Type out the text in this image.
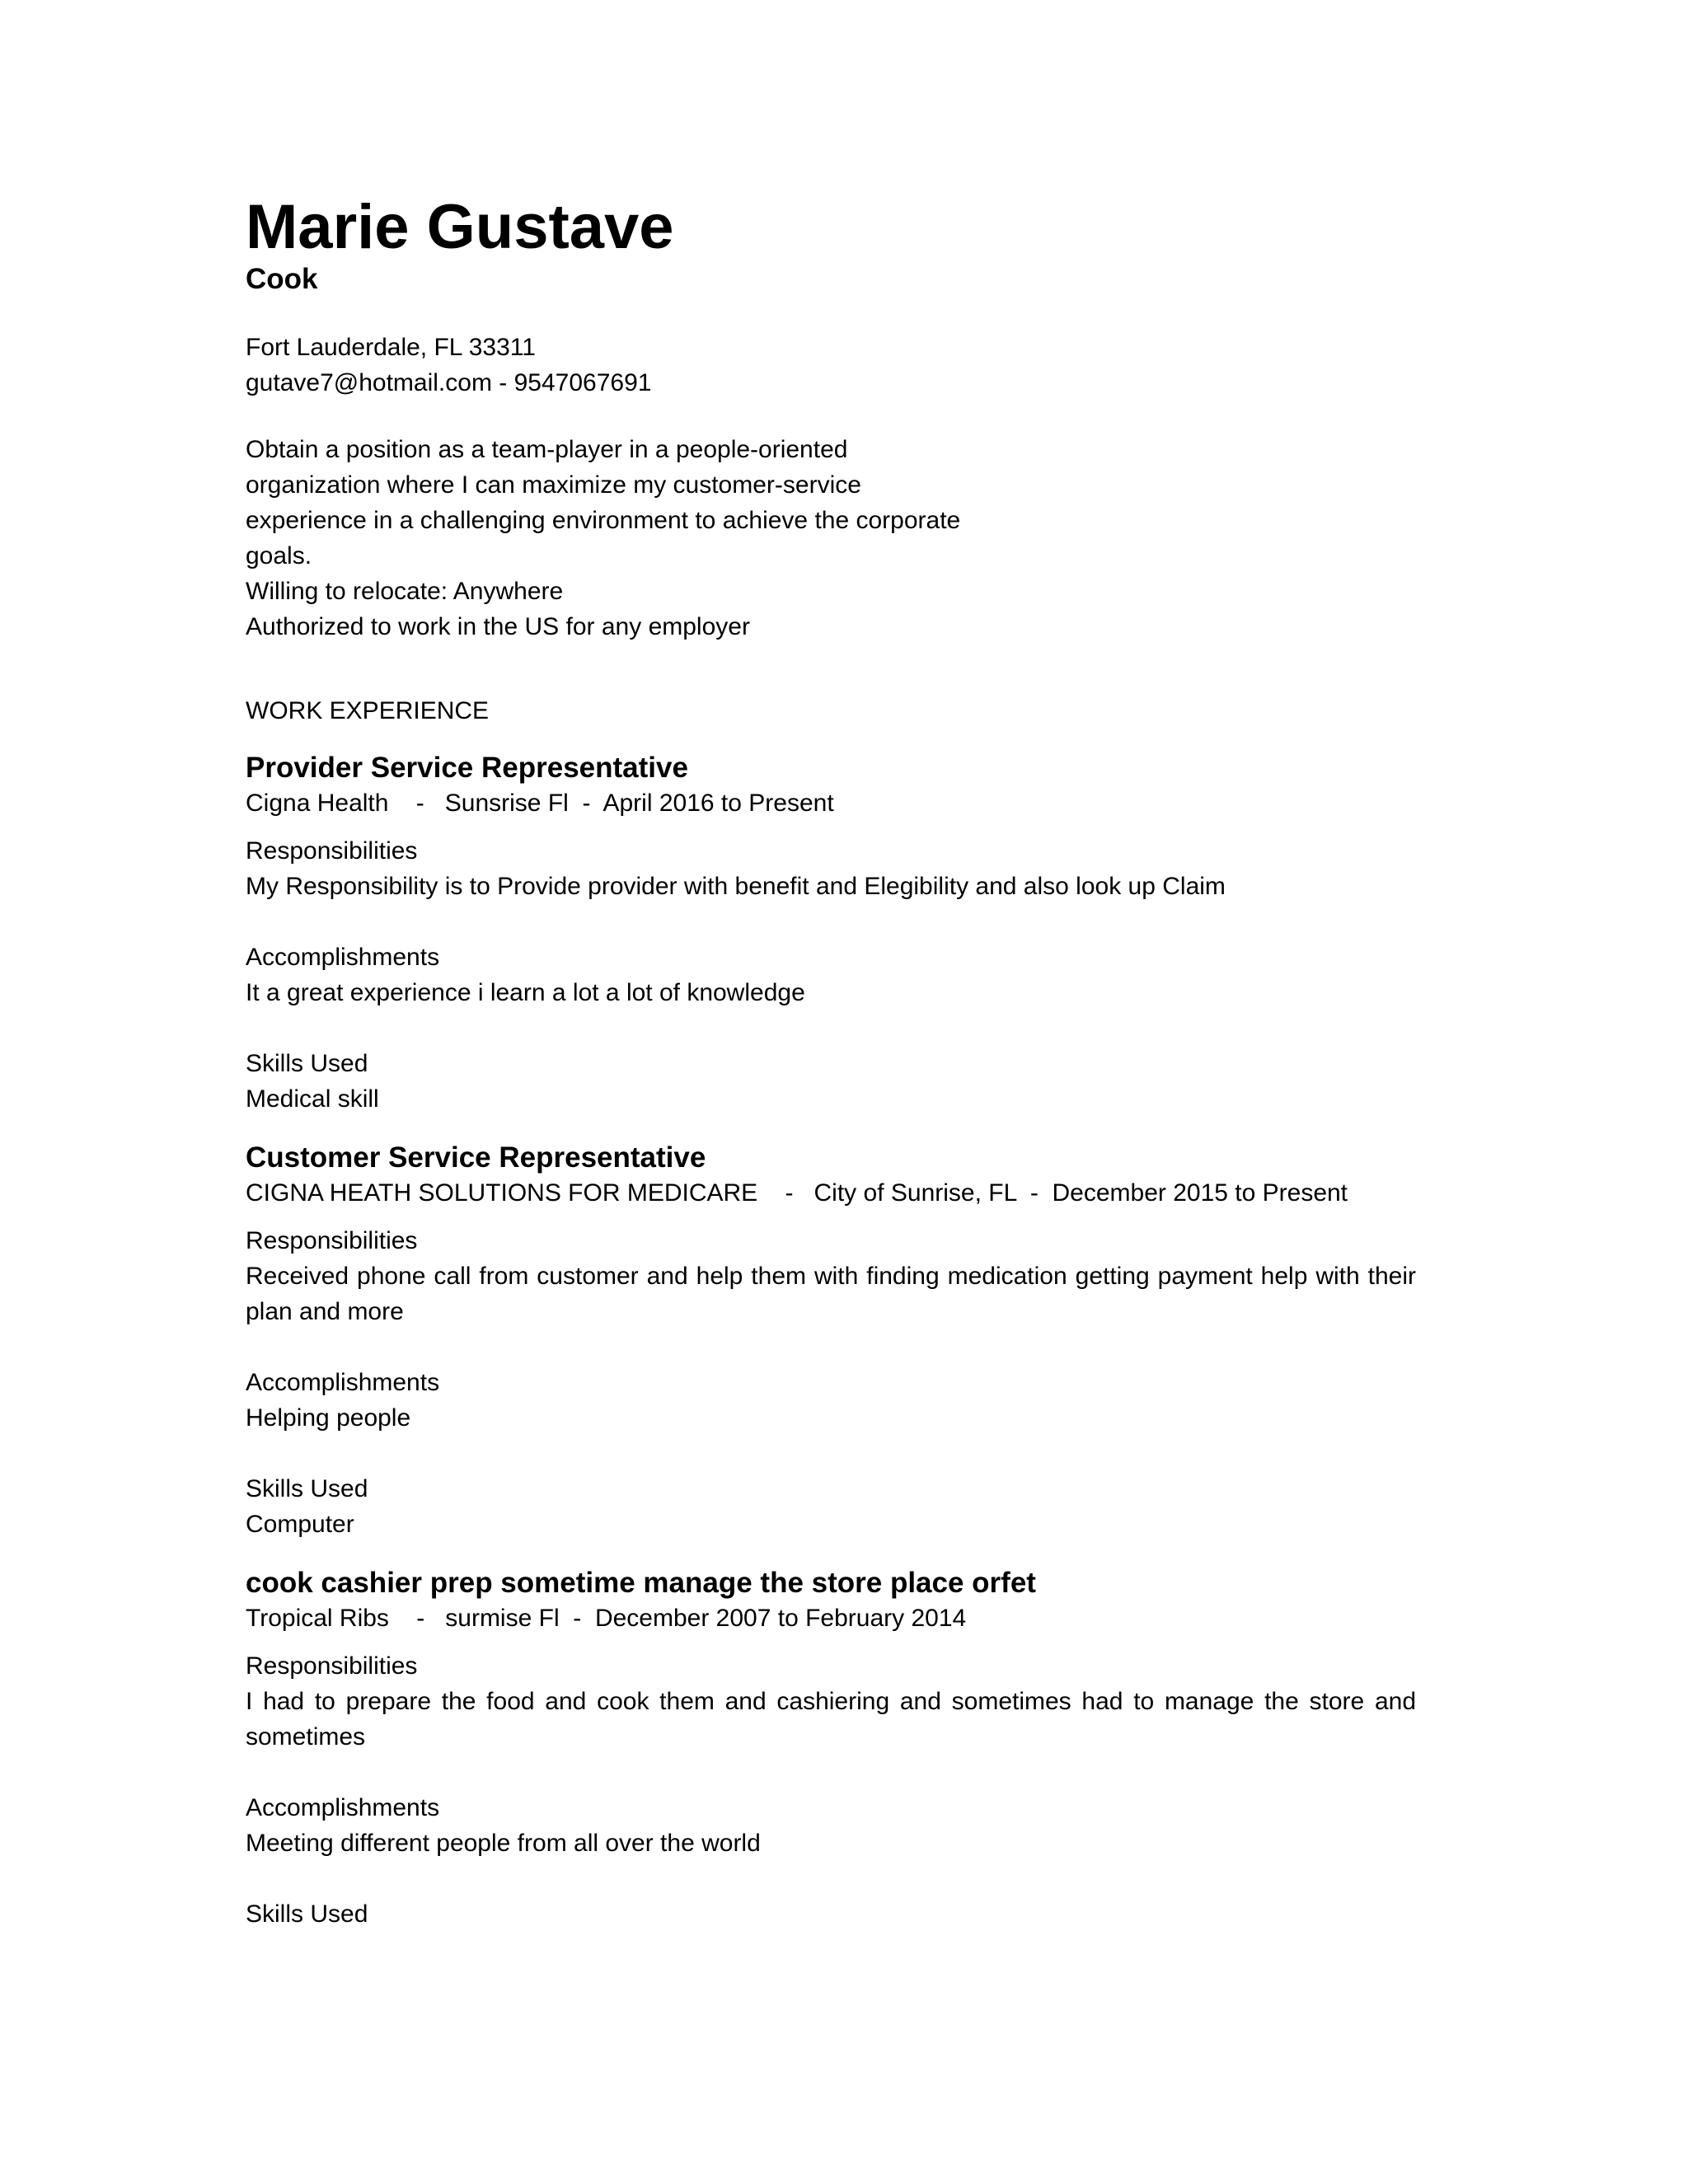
Marie Gustave
Cook
Fort Lauderdale, FL 33311
gutave7@hotmail.com - 9547067691
Obtain a position as a team-player in a people-oriented organization where I can maximize my customer-service experience in a challenging environment to achieve the corporate goals.
Willing to relocate: Anywhere
Authorized to work in the US for any employer
WORK EXPERIENCE
Provider Service Representative
Cigna Health    -   Sunsrise Fl  -  April 2016 to Present
Responsibilities
My Responsibility is to Provide provider with benefit and Elegibility and also look up Claim
Accomplishments
It a great experience i learn a lot a lot of knowledge
Skills Used
Medical skill
Customer Service Representative
CIGNA HEATH SOLUTIONS FOR MEDICARE    -   City of Sunrise, FL  -  December 2015 to Present
Responsibilities
Received phone call from customer and help them with finding medication getting payment help with their plan and more
Accomplishments
Helping people
Skills Used
Computer
cook cashier prep sometime manage the store place orfet
Tropical Ribs    -   surmise Fl  -  December 2007 to February 2014
Responsibilities
I had to prepare the food and cook them and cashiering and sometimes had to manage the store and sometimes
Accomplishments
Meeting different people from all over the world
Skills Used
